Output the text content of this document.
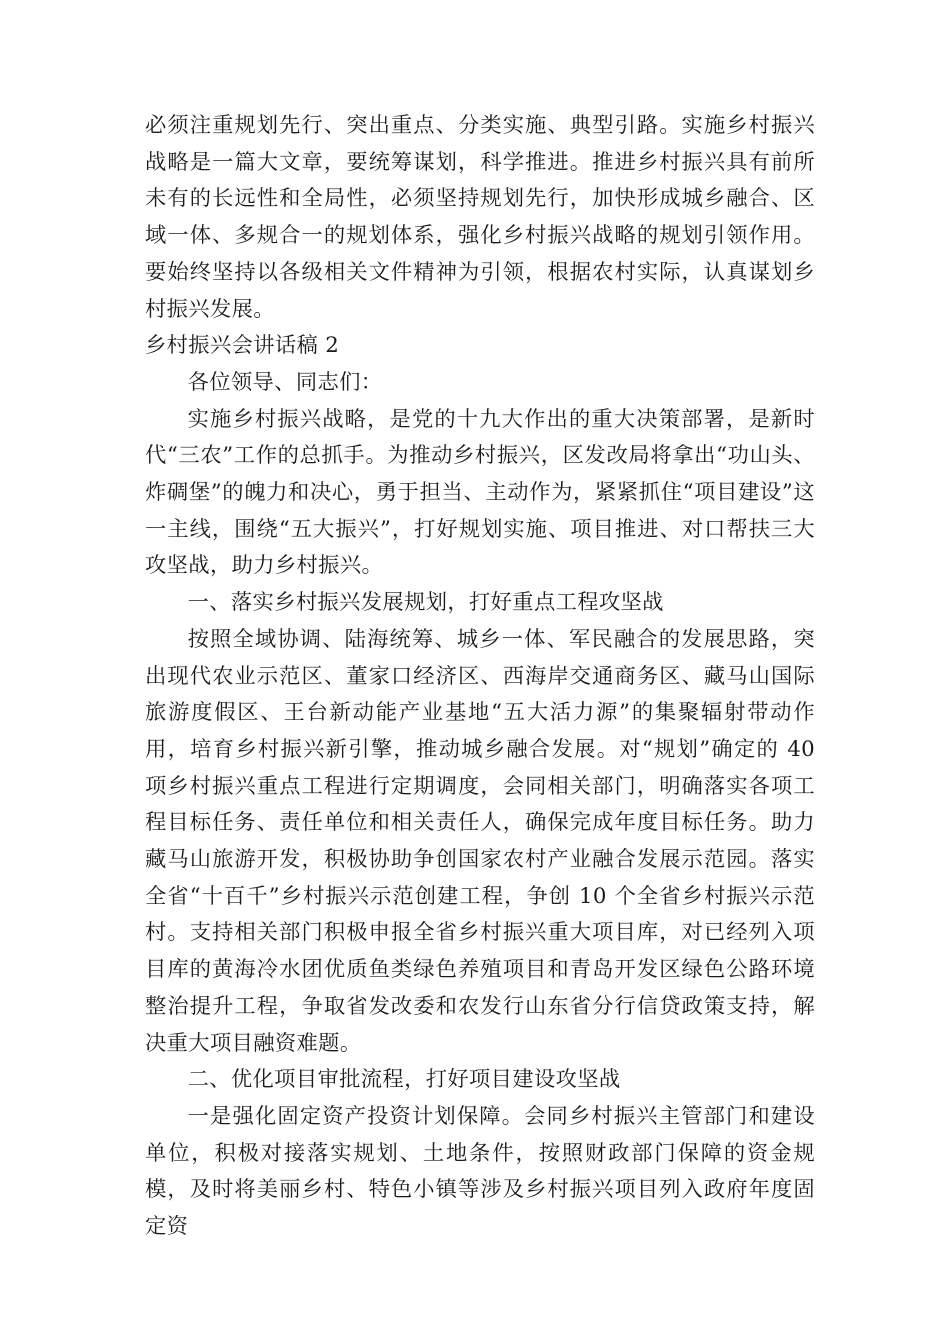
必须注重规划先行、突出重点、分类实施、典型引路。实施乡村振兴战略是一篇大文章，要统筹谋划，科学推进。推进乡村振兴具有前所未有的长远性和全局性，必须坚持规划先行，加快形成城乡融合、区域一体、多规合一的规划体系，强化乡村振兴战略的规划引领作用。要始终坚持以各级相关文件精神为引领，根据农村实际，认真谋划乡村振兴发展。

乡村振兴会讲话稿 2

各位领导、同志们：

实施乡村振兴战略，是党的十九大作出的重大决策部署，是新时代“三农”工作的总抓手。为推动乡村振兴，区发改局将拿出“功山头、炸碉堡”的魄力和决心，勇于担当、主动作为，紧紧抓住“项目建设”这一主线，围绕“五大振兴”，打好规划实施、项目推进、对口帮扶三大攻坚战，助力乡村振兴。

一、落实乡村振兴发展规划，打好重点工程攻坚战

按照全域协调、陆海统筹、城乡一体、军民融合的发展思路，突出现代农业示范区、董家口经济区、西海岸交通商务区、藏马山国际旅游度假区、王台新动能产业基地“五大活力源”的集聚辐射带动作用，培育乡村振兴新引擎，推动城乡融合发展。对“规划”确定的 40 项乡村振兴重点工程进行定期调度，会同相关部门，明确落实各项工程目标任务、责任单位和相关责任人，确保完成年度目标任务。助力藏马山旅游开发，积极协助争创国家农村产业融合发展示范园。落实全省“十百千”乡村振兴示范创建工程，争创 10 个全省乡村振兴示范村。支持相关部门积极申报全省乡村振兴重大项目库，对已经列入项目库的黄海冷水团优质鱼类绿色养殖项目和青岛开发区绿色公路环境整治提升工程，争取省发改委和农发行山东省分行信贷政策支持，解决重大项目融资难题。

二、优化项目审批流程，打好项目建设攻坚战

一是强化固定资产投资计划保障。会同乡村振兴主管部门和建设单位，积极对接落实规划、土地条件，按照财政部门保障的资金规模，及时将美丽乡村、特色小镇等涉及乡村振兴项目列入政府年度固定资
